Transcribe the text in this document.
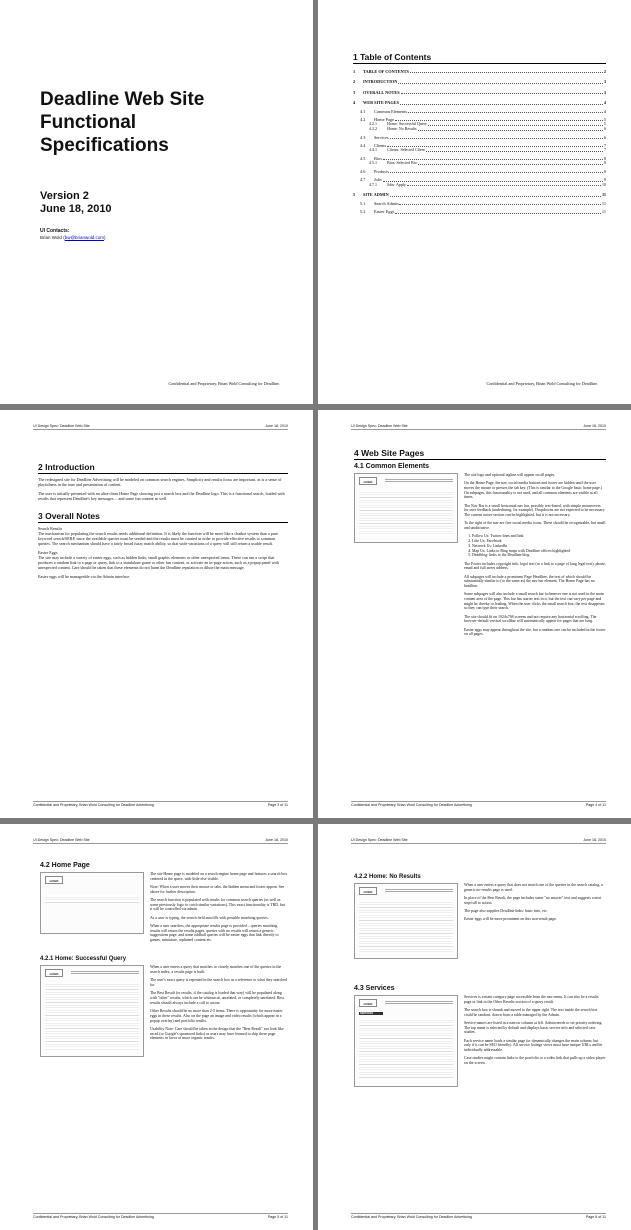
Deadline Web Site Functional Specifications
Version 2
June 18, 2010
UI Contacts:
Brian Wold (bw@brianwold.com)
Confidential and Proprietary, Brian Wold Consulting for Deadline.
1 Table of Contents
1	TABLE OF CONTENTS	2
2	INTRODUCTION	3
3	OVERALL NOTES	3
4	WEB SITE PAGES	4
4.1	Common Elements	4
4.2	Home Page	5
4.2.1	Home: Successful Query	5
4.2.2	Home: No Results	6
4.3	Services	6
4.4	Clients	7
4.4.1	Clients: Selected Client	7
4.5	Bios	8
4.5.1	Bios: Selected Bio	8
4.6	Products	9
4.7	Jobs	9
4.7.1	Jobs: Apply	10
5	SITE ADMIN	11
5.1	Search Admin	11
5.2	Easter Eggs	11
Confidential and Proprietary, Brian Wold Consulting for Deadline.
UI Design Spec: Deadline Web Site	June 18, 2010
2 Introduction

The redesigned site for Deadline Advertising will be modeled on common search engines. Simplicity and results focus are important, as is a sense of playfulness in the tone and presentation of content.

The user is initially presented with an ultra-clean Home Page showing just a search box and the Deadline logo. This is a functional search, loaded with results that represent Deadline's key messages… and some fun content as well.

3 Overall Notes

Search Results

The mechanism for populating the search results needs additional definition. It is likely the function will be more like a chatbot system than a pure keyword search/SERP, since the available queries must be seeded and the results must be curated in order to provide effective results to common queries. The search mechanism should have a fairly broad fuzzy match ability, so that wide variations of a query will still return a usable result.

Easter Eggs

The site may include a variety of easter eggs, such as hidden links, small graphic elements or other unexpected items. These can run a script that produces a random link to a page or query, link to a standalone game or other fun content, or activate an in-page action, such as a popup panel with unexpected content. Care should be taken that these elements do not harm the Deadline reputation or dilute the main message.

Easter eggs will be manageable via the Admin interface.

Confidential and Proprietary, Brian Wold Consulting for Deadline Advertising	Page 3 of 11
UI Design Spec: Deadline Web Site	June 18, 2010
4 Web Site Pages
4.1 Common Elements
LOGO

The site logo and optional tagline will appear on all pages.

On the Home Page, the nav, social media buttons and footer are hidden until the user moves the mouse or presses the tab key. (This is similar to the Google basic home page.) On subpages, this functionality is not used, and all common elements are visible at all times.

The Nav Bar is a small horizontal nav bar, possibly text-based, with simple mouseovers for user feedback (underlining, for example). Dropdowns are not expected to be necessary. The current active section can be highlighted, but it is not necessary.

To the right of the nav are five social media icons. These should be recognizable, but small and unobtrusive.

1. Follow Us: Twitter lines and link
2. Like Us: Facebook
3. Network Us: LinkedIn
4. Map Us: Links to Bing maps with Deadline offices highlighted
5. Deadblog: links to the Deadline blog

The Footer includes copyright info, legal text (or a link to a page of long legal text), phone, email and full street address.

All subpages will include a prominent Page Headline, the text of which should be substantially similar to (or the same as) the nav bar element. The Home Page has no headline.

Some subpages will also include a small search bar (whenever one is not used in the main content area of the page. This bar has starter text in it, but the text can vary per page and might be cheeky or leading. When the user clicks the small search box, the text disappears so they can type their search.

The site should fit on 1024x768 screens and not require any horizontal scrolling. The browser-default vertical scrollbar will automatically appear for pages that are long.

Easter eggs may appear throughout the site, but a random one can be included in the footer on all pages.

Confidential and Proprietary, Brian Wold Consulting for Deadline Advertising	Page 4 of 11
UI Design Spec: Deadline Web Site	June 18, 2010
4.2 Home Page
LOGO

The site Home page is modeled on a search engine home page and features a search box centered in the space, with little else visible.

Note: When a user moves their mouse or tabs, the hidden menu and footer appear. See above for further description.

The search function is populated with results for common search queries (as well as some previously logic to catch similar variations). This exact functionality is TBD, but it will be controlled via admin.

As a user is typing, the search field autofills with possible matching queries.

When a user searches, the appropriate results page is provided – queries matching results will return the results pages, queries with no results will return a generic suggestions page, and some oddball queries will be easter eggs that link directly to games, miniature, orphaned content etc.

4.2.1 Home: Successful Query
LOGO

When a user enters a query that matches or closely matches one of the queries in the search index, a results page is built.

The user's exact query is repeated in the search box as a reference to what they searched for.

The Best Result (or results, if the catalog is loaded that way) will be populated along with "other" results, which can be whimsical, unrelated, or completely unrelated. Best results should always include a call to action.

Other Results should be no more than 2-5 items. There is opportunity for more easter eggs in these results. Also on the page an image and video results (which appear in a popup overlay) and portfolio results.

Usability Note: Care should be taken in the design that the "Best Result" not look like an ad (or Google's sponsored links) as users may have learned to skip these page elements in favor of more organic results.

Confidential and Proprietary, Brian Wold Consulting for Deadline Advertising	Page 5 of 11
UI Design Spec: Deadline Web Site	June 18, 2010
4.2.2 Home: No Results
LOGO

When a user enters a query that does not match one of the queries in the search catalog, a generic no-results page is used.

In place of the Best Result, the page includes some "no answer" text and suggests a next step/call to action.

The page also supplies Deadline links: basic info, etc.

Easter eggs will be more prominent on this non-result page.

4.3 Services
LOGO
SERVICES

Services is a main category page accessible from the nav menu. It can also be a results page or link in the Other Results section of a query result.

The search box is shrunk and moved to the upper right. The text inside the search box could be random, drawn from a table managed by the Admin.

Service names are listed in a narrow column at left. Admin needs to set priority ordering. The top name is selected by default and displays basic service info and selected case studies.

Each service name loads a similar page (or dynamically changes the main column, but only if it can be SEO friendly). All service listings views must have unique URLs and be individually addressable.

Case studies might contain links to the portfolio or a video link that pulls up a video player on the screen.

Confidential and Proprietary, Brian Wold Consulting for Deadline Advertising	Page 6 of 11
